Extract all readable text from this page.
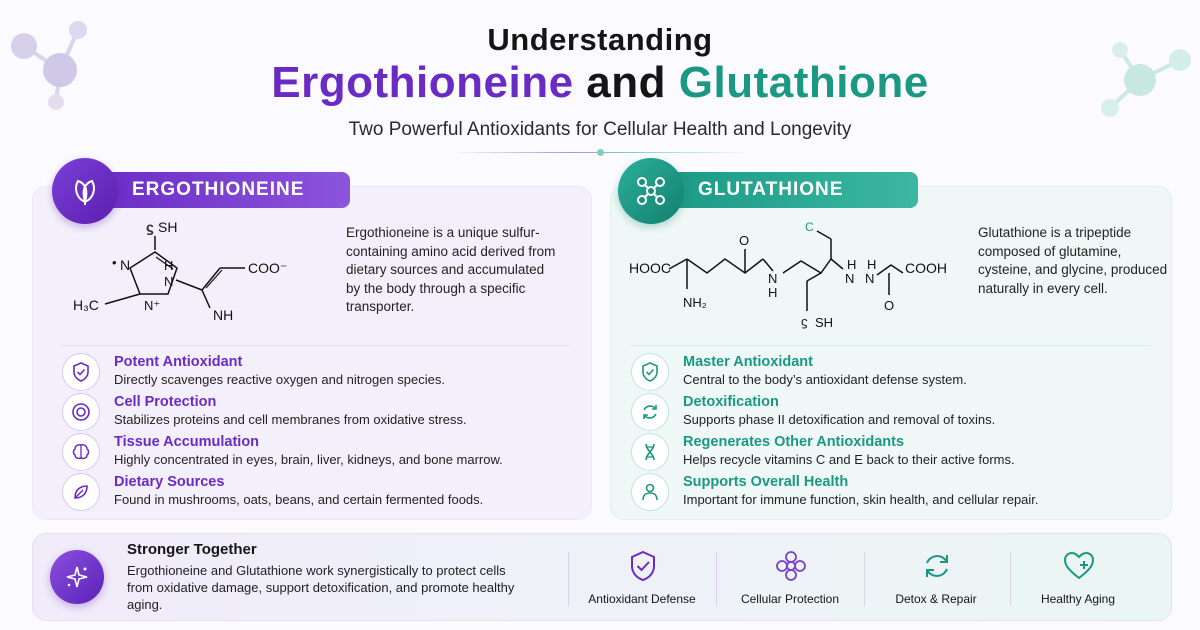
Understanding
Ergothioneine and Glutathione
Two Powerful Antioxidants for Cellular Health and Longevity
ERGOTHIONEINE	GLUTATHIONE
ϛ SH
• N	H
N
N⁺
H₃C
COO⁻
NH
HOOC
NH₂
O
N
H
ϛ SH
C
N
H H
N
O
COOH
Ergothioneine is a unique sulfur-containing amino acid derived from dietary sources and accumulated by the body through a specific transporter.
Glutathione is a tripeptide composed of glutamine, cysteine, and glycine, produced naturally in every cell.
Potent Antioxidant
Directly scavenges reactive oxygen and nitrogen species.
Cell Protection
Stabilizes proteins and cell membranes from oxidative stress.
Tissue Accumulation
Highly concentrated in eyes, brain, liver, kidneys, and bone marrow.
Dietary Sources
Found in mushrooms, oats, beans, and certain fermented foods.
Master Antioxidant
Central to the body’s antioxidant defense system.
Detoxification
Supports phase II detoxification and removal of toxins.
Regenerates Other Antioxidants
Helps recycle vitamins C and E back to their active forms.
Supports Overall Health
Important for immune function, skin health, and cellular repair.
Stronger Together
Ergothioneine and Glutathione work synergistically to protect cells from oxidative damage, support detoxification, and promote healthy aging.	Antioxidant Defense	Cellular Protection	Detox & Repair	Healthy Aging
